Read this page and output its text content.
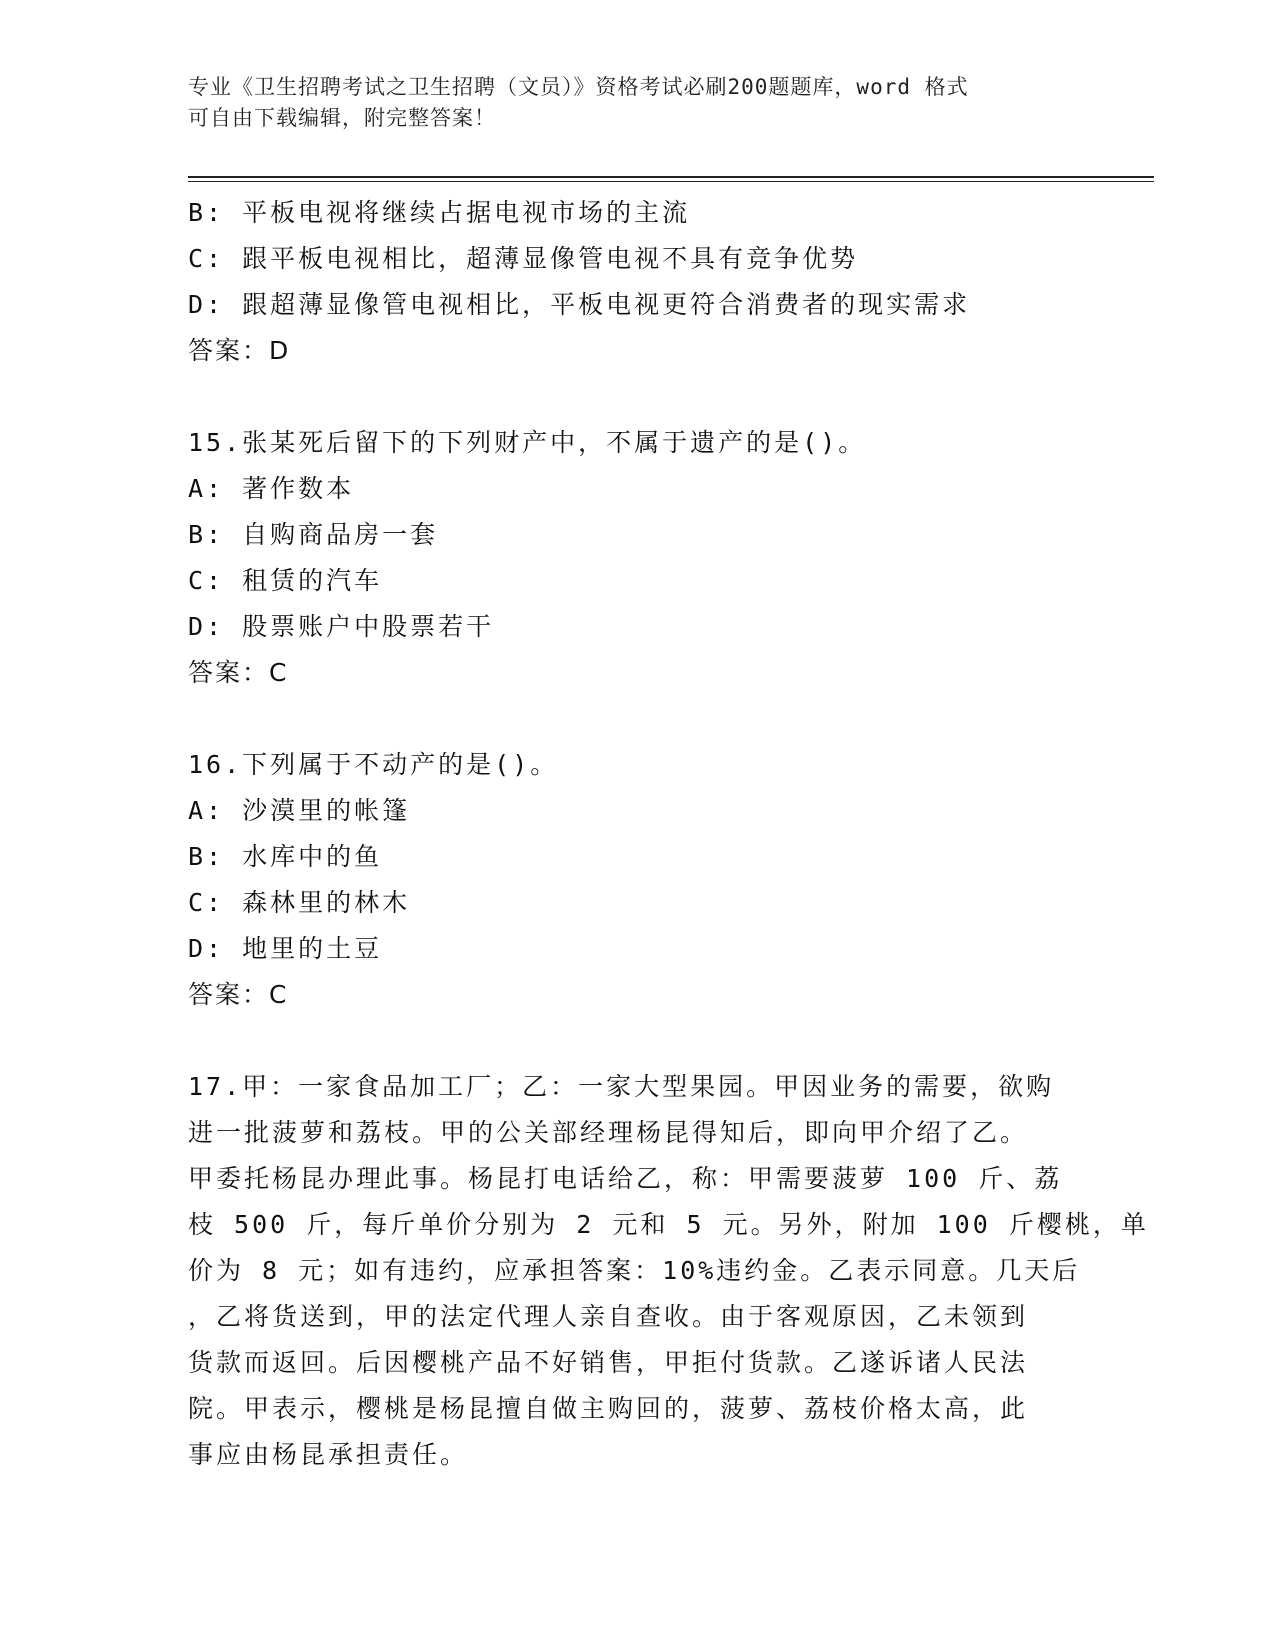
专业《卫生招聘考试之卫生招聘（文员）》资格考试必刷200题题库，word 格式
可自由下载编辑，附完整答案！
B: 平板电视将继续占据电视市场的主流
C: 跟平板电视相比，超薄显像管电视不具有竞争优势
D: 跟超薄显像管电视相比，平板电视更符合消费者的现实需求
答案：D
15.张某死后留下的下列财产中，不属于遗产的是()。
A: 著作数本
B: 自购商品房一套
C: 租赁的汽车
D: 股票账户中股票若干
答案：C
16.下列属于不动产的是()。
A: 沙漠里的帐篷
B: 水库中的鱼
C: 森林里的林木
D: 地里的土豆
答案：C
17.甲：一家食品加工厂；乙：一家大型果园。甲因业务的需要，欲购
进一批菠萝和荔枝。甲的公关部经理杨昆得知后，即向甲介绍了乙。
甲委托杨昆办理此事。杨昆打电话给乙，称：甲需要菠萝 100 斤、荔
枝 500 斤，每斤单价分别为 2 元和 5 元。另外，附加 100 斤樱桃，单
价为 8 元；如有违约，应承担答案：10%违约金。乙表示同意。几天后
，乙将货送到，甲的法定代理人亲自查收。由于客观原因，乙未领到
货款而返回。后因樱桃产品不好销售，甲拒付货款。乙遂诉诸人民法
院。甲表示，樱桃是杨昆擅自做主购回的，菠萝、荔枝价格太高，此
事应由杨昆承担责任。
